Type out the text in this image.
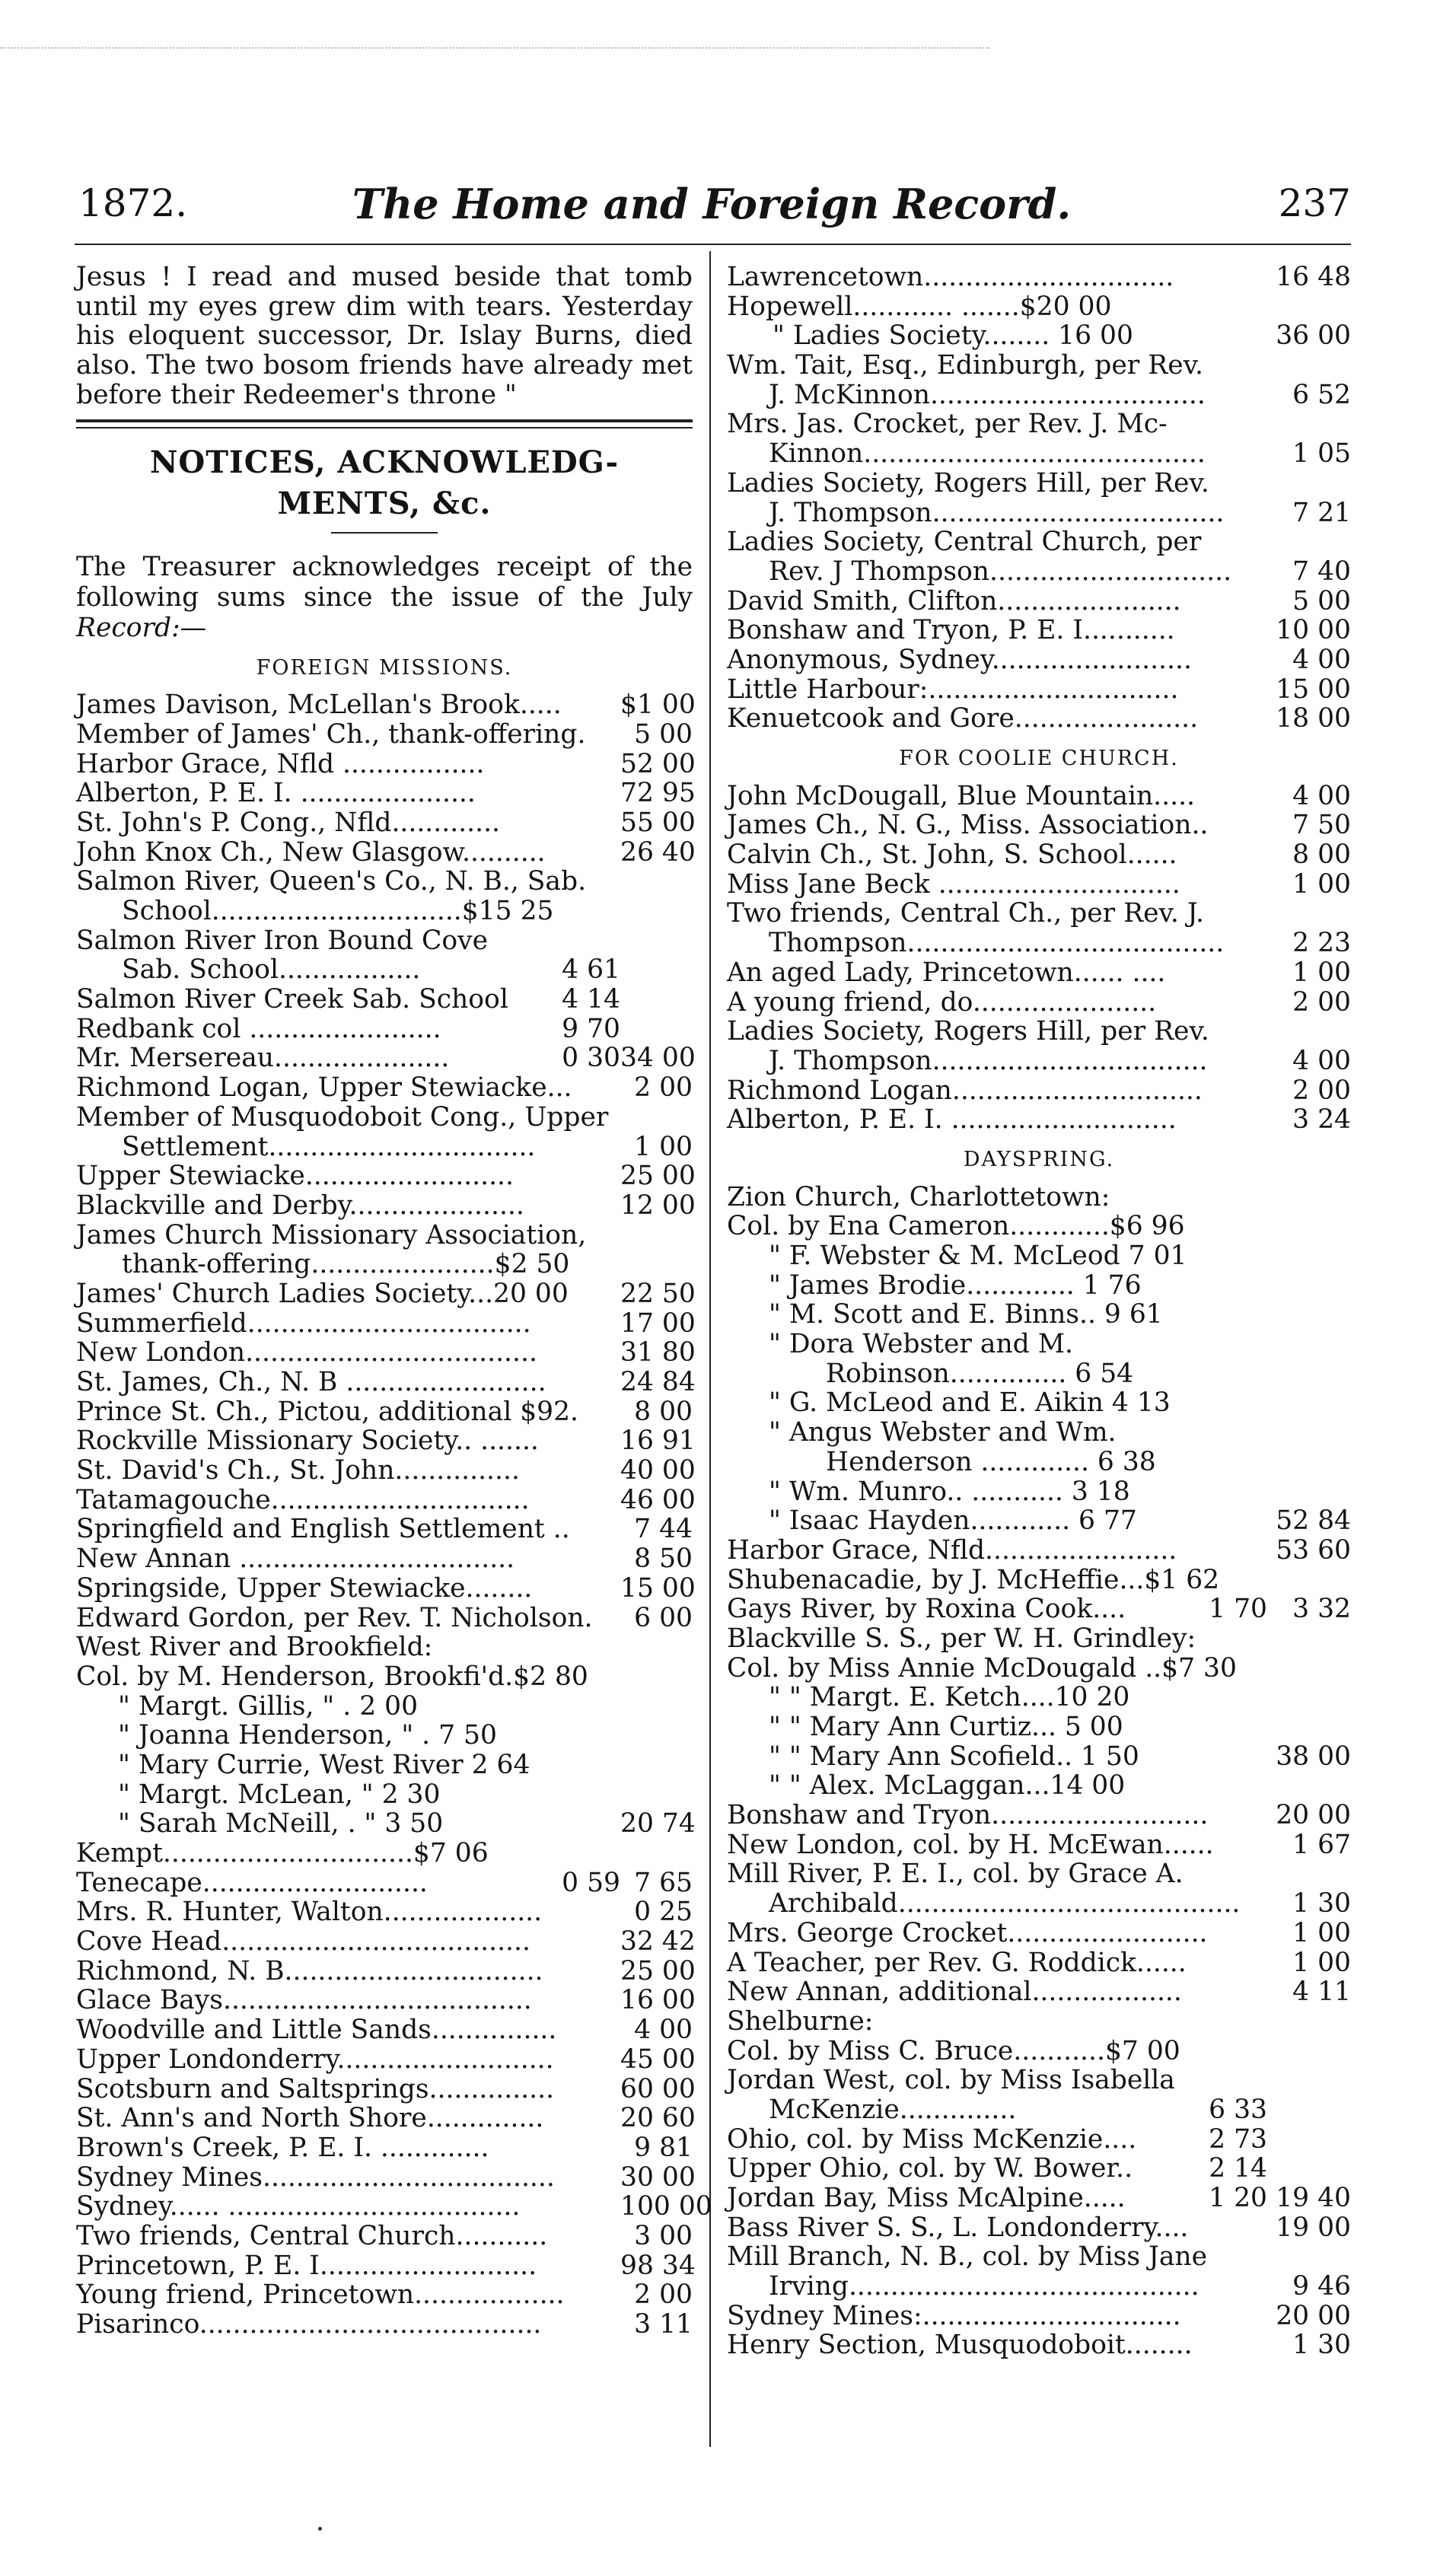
1872.	The Home and Foreign Record.	237

Jesus ! I read and mused beside that tomb until my eyes grew dim with tears. Yesterday his eloquent successor, Dr. Islay Burns, died also. The two bosom friends have already met before their Redeemer's throne "

NOTICES, ACKNOWLEDG-
MENTS, &c.

The Treasurer acknowledges receipt of the following sums since the issue of the July Record:—

FOREIGN MISSIONS.
James Davison, McLellan's Brook..... $1 00
Member of James' Ch., thank-offering.	5 00
Harbor Grace, Nfld .................	52 00
Alberton, P. E. I. .....................	72 95
St. John's P. Cong., Nfld.............	55 00
John Knox Ch., New Glasgow..........	26 40
Salmon River, Queen's Co., N. B., Sab.
School..............................$15 25
Salmon River Iron Bound Cove
Sab. School.................	4 61
Salmon River Creek Sab. School	4 14
Redbank col .......................	9 70
Mr. Mersereau.....................	0 30 34 00
Richmond Logan, Upper Stewiacke...	2 00
Member of Musquodoboit Cong., Upper
Settlement................................	1 00
Upper Stewiacke.........................	25 00
Blackville and Derby.....................	12 00
James Church Missionary Association,
thank-offering......................$2 50
James' Church Ladies Society...20 00 22 50
Summerfield..................................	17 00
New London...................................	31 80
St. James, Ch., N. B ........................	24 84
Prince St. Ch., Pictou, additional $92.	8 00
Rockville Missionary Society.. .......	16 91
St. David's Ch., St. John...............	40 00
Tatamagouche...............................	46 00
Springfield and English Settlement ..	7 44
New Annan .................................	8 50
Springside, Upper Stewiacke........	15 00
Edward Gordon, per Rev. T. Nicholson.	6 00
West River and Brookfield:
Col. by M. Henderson, Brookfi'd.$2 80
" Margt. Gillis, " . 2 00
" Joanna Henderson, " . 7 50
" Mary Currie, West River 2 64
" Margt. McLean, " 2 30
" Sarah McNeill, . " 3 50	20 74
Kempt..............................$7 06
Tenecape...........................	0 59 7 65
Mrs. R. Hunter, Walton...................	0 25
Cove Head.....................................	32 42
Richmond, N. B...............................	25 00
Glace Bays.....................................	16 00
Woodville and Little Sands...............	4 00
Upper Londonderry..........................	45 00
Scotsburn and Saltsprings...............	60 00
St. Ann's and North Shore..............	20 60
Brown's Creek, P. E. I. .............	9 81
Sydney Mines................................... 30 00
Sydney...... ...................................	100 00
Two friends, Central Church...........	3 00
Princetown, P. E. I..........................	98 34
Young friend, Princetown..................	2 00
Pisarinco.........................................	3 11
Lawrencetown..............................	16 48
Hopewell............ .......$20 00
" Ladies Society........ 16 00	36 00
Wm. Tait, Esq., Edinburgh, per Rev.
J. McKinnon.................................	6 52
Mrs. Jas. Crocket, per Rev. J. Mc-
Kinnon.........................................	1 05
Ladies Society, Rogers Hill, per Rev.
J. Thompson...................................	7 21
Ladies Society, Central Church, per
Rev. J Thompson.............................	7 40
David Smith, Clifton......................	5 00
Bonshaw and Tryon, P. E. I...........	10 00
Anonymous, Sydney........................	4 00
Little Harbour:..............................	15 00
Kenuetcook and Gore......................	18 00
FOR COOLIE CHURCH.
John McDougall, Blue Mountain.....	4 00
James Ch., N. G., Miss. Association..	7 50
Calvin Ch., St. John, S. School......	8 00
Miss Jane Beck .............................	1 00
Two friends, Central Ch., per Rev. J.
Thompson......................................	2 23
An aged Lady, Princetown...... ....	1 00
A young friend, do......................	2 00
Ladies Society, Rogers Hill, per Rev.
J. Thompson.................................	4 00
Richmond Logan..............................	2 00
Alberton, P. E. I. ...........................	3 24
DAYSPRING.
Zion Church, Charlottetown:
Col. by Ena Cameron............$6 96
" F. Webster & M. McLeod 7 01
" James Brodie............. 1 76
" M. Scott and E. Binns.. 9 61
" Dora Webster and M.
Robinson.............. 6 54
" G. McLeod and E. Aikin 4 13
" Angus Webster and Wm.
Henderson ............. 6 38
" Wm. Munro.. ........... 3 18
" Isaac Hayden............ 6 77	52 84
Harbor Grace, Nfld.......................	53 60
Shubenacadie, by J. McHeffie...$1 62
Gays River, by Roxina Cook....	1 70 3 32
Blackville S. S., per W. H. Grindley:
Col. by Miss Annie McDougald ..$7 30
" " Margt. E. Ketch....10 20
" " Mary Ann Curtiz... 5 00
" " Mary Ann Scofield.. 1 50	38 00
" " Alex. McLaggan...14 00
Bonshaw and Tryon..........................	20 00
New London, col. by H. McEwan......	1 67
Mill River, P. E. I., col. by Grace A.
Archibald.........................................	1 30
Mrs. George Crocket........................	1 00
A Teacher, per Rev. G. Roddick......	1 00
New Annan, additional..................	4 11
Shelburne:
Col. by Miss C. Bruce...........$7 00
Jordan West, col. by Miss Isabella
McKenzie..............	6 33
Ohio, col. by Miss McKenzie....	2 73
Upper Ohio, col. by W. Bower..	2 14
Jordan Bay, Miss McAlpine.....	1 20 19 40
Bass River S. S., L. Londonderry....	19 00
Mill Branch, N. B., col. by Miss Jane
Irving..........................................	9 46
Sydney Mines:...............................	20 00
Henry Section, Musquodoboit........	1 30
